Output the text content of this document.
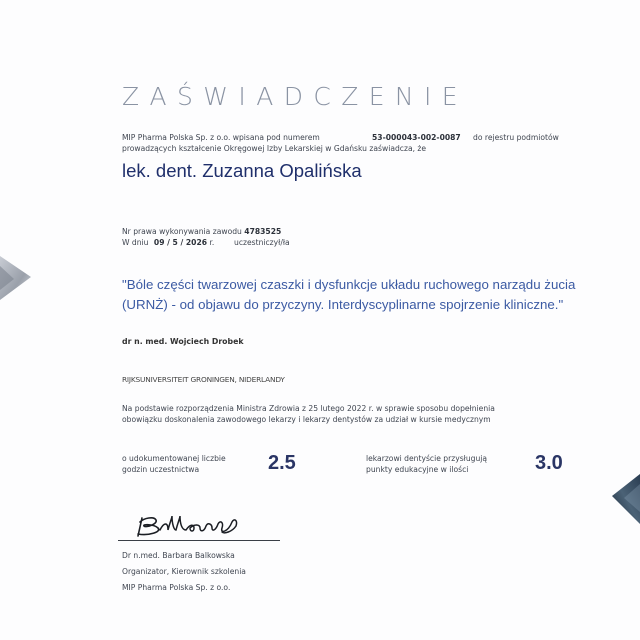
ZAŚWIADCZENIE
MIP Pharma Polska Sp. z o.o. wpisana pod numerem	53-000043-002-0087 do rejestru podmiotów
prowadzących kształcenie Okręgowej Izby Lekarskiej w Gdańsku zaświadcza, że
lek. dent. Zuzanna Opalińska
Nr prawa wykonywania zawodu 4783525
W dniu 09 / 5 / 2026 r.	uczestniczył/ła
"Bóle części twarzowej czaszki i dysfunkcje układu ruchowego narządu żucia (URNŻ) - od objawu do przyczyny. Interdyscyplinarne spojrzenie kliniczne."
dr n. med. Wojciech Drobek
RIJKSUNIVERSITEIT GRONINGEN, NIDERLANDY
Na podstawie rozporządzenia Ministra Zdrowia z 25 lutego 2022 r. w sprawie sposobu dopełnienia
obowiązku doskonalenia zawodowego lekarzy i lekarzy dentystów za udział w kursie medycznym
o udokumentowanej liczbie
godzin uczestnictwa	2.5	lekarzowi dentyście przysługują
punkty edukacyjne w ilości	3.0
Dr n.med. Barbara Balkowska
Organizator, Kierownik szkolenia
MIP Pharma Polska Sp. z o.o.
